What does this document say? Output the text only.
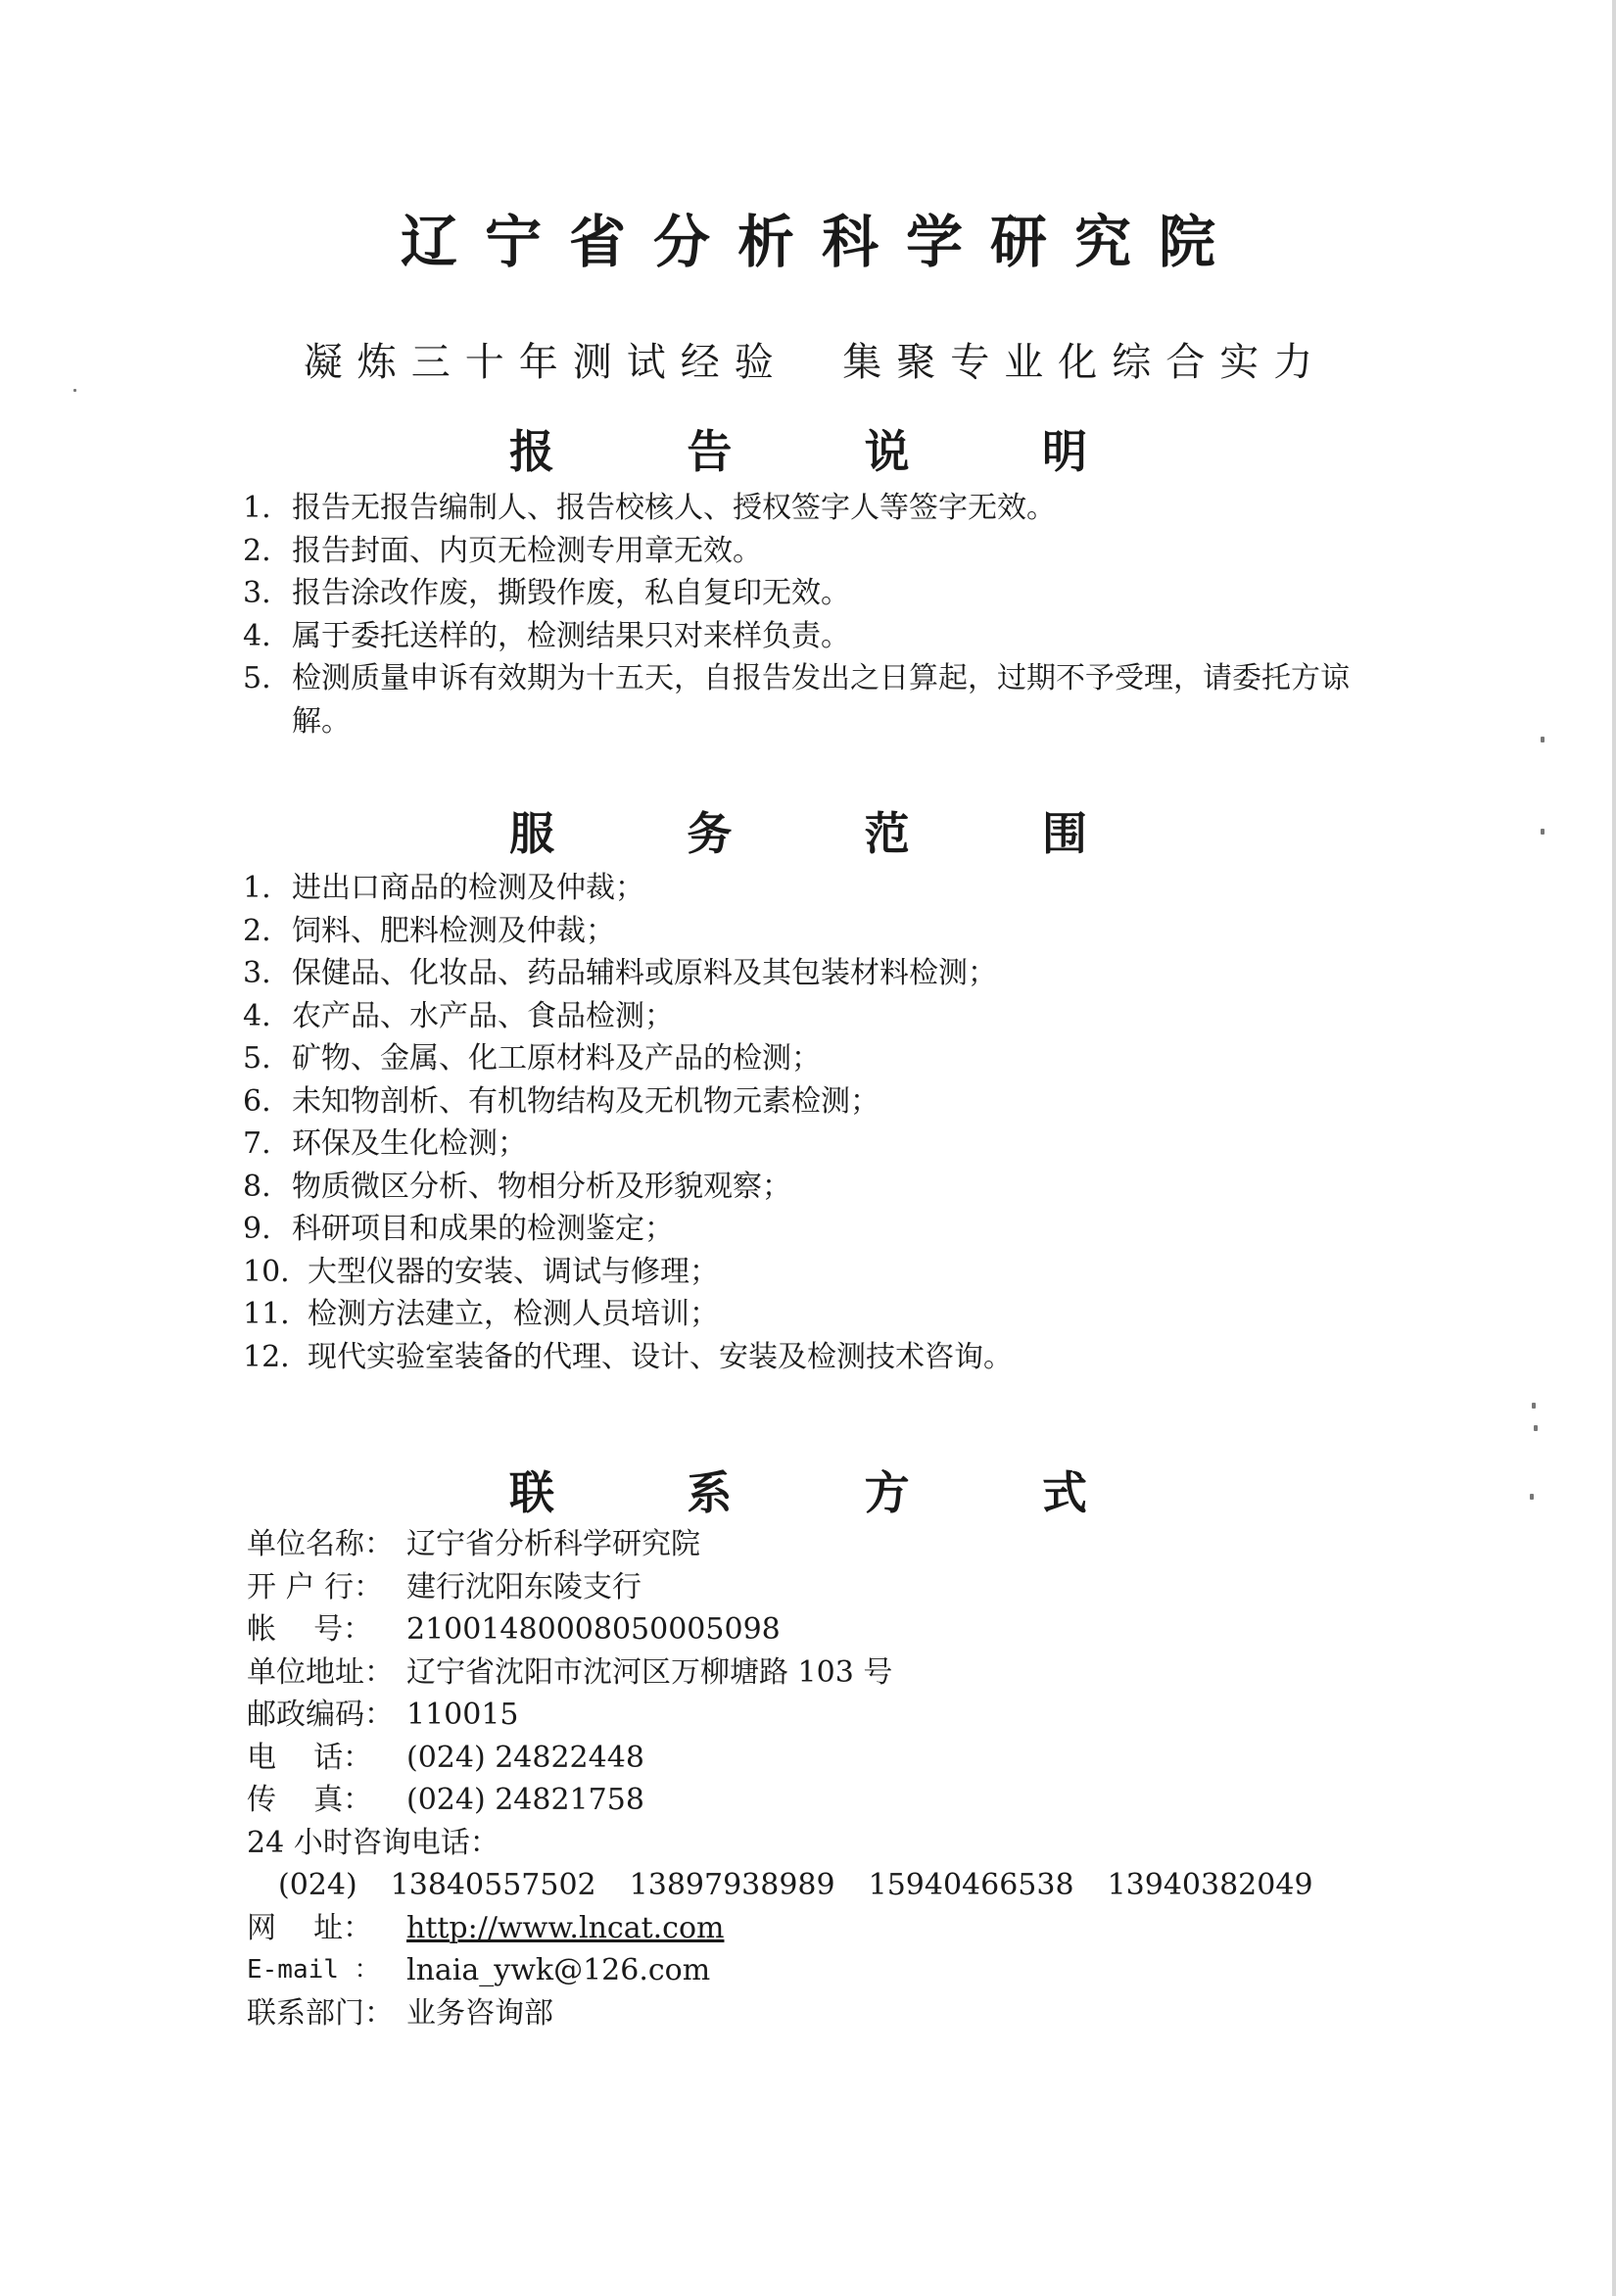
辽宁省分析科学研究院
凝炼三十年测试经验  集聚专业化综合实力
报	告	说	明
1. 报告无报告编制人、报告校核人、授权签字人等签字无效。
2. 报告封面、内页无检测专用章无效。
3. 报告涂改作废，撕毁作废，私自复印无效。
4. 属于委托送样的，检测结果只对来样负责。
5. 检测质量申诉有效期为十五天，自报告发出之日算起，过期不予受理，请委托方谅解。
服	务	范	围
1. 进出口商品的检测及仲裁；
2. 饲料、肥料检测及仲裁；
3. 保健品、化妆品、药品辅料或原料及其包装材料检测；
4. 农产品、水产品、食品检测；
5. 矿物、金属、化工原材料及产品的检测；
6. 未知物剖析、有机物结构及无机物元素检测；
7. 环保及生化检测；
8. 物质微区分析、物相分析及形貌观察；
9. 科研项目和成果的检测鉴定；
10. 大型仪器的安装、调试与修理；
11. 检测方法建立，检测人员培训；
12. 现代实验室装备的代理、设计、安装及检测技术咨询。
联	系	方	式
单位名称： 辽宁省分析科学研究院
开 户 行： 建行沈阳东陵支行
帐    号：	21001480008050005098
单位地址： 辽宁省沈阳市沈河区万柳塘路 103 号
邮政编码： 110015
电    话：	(024) 24822448
传    真：	(024) 24821758
24 小时咨询电话：
(024) 13840557502 13897938989 15940466538 13940382049
网    址：	http://www.lncat.com
E-mail ： lnaia_ywk@126.com
联系部门： 业务咨询部
